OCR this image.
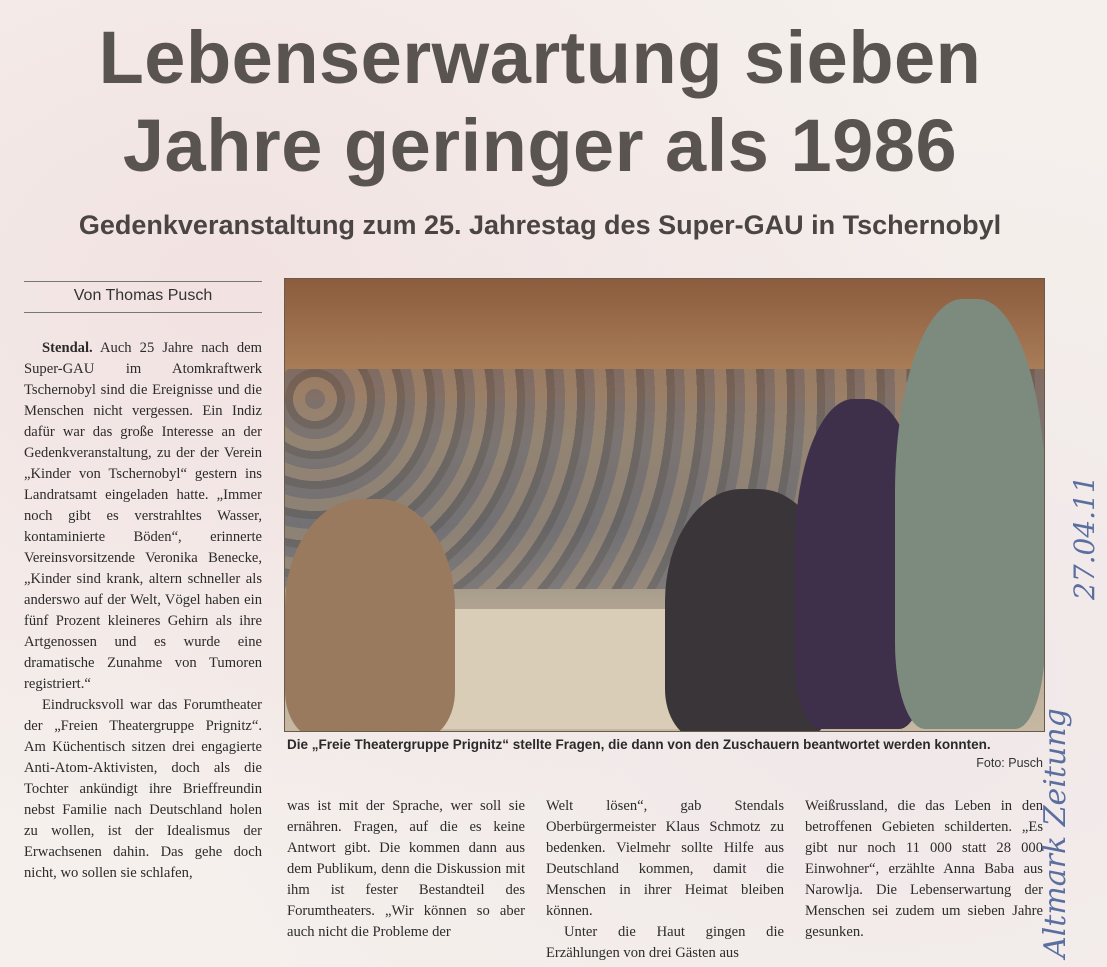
Lebenserwartung sieben
Jahre geringer als 1986
Gedenkveranstaltung zum 25. Jahrestag des Super-GAU in Tschernobyl
Von Thomas Pusch

Stendal. Auch 25 Jahre nach dem Super-GAU im Atomkraftwerk Tschernobyl sind die Ereignisse und die Menschen nicht vergessen. Ein Indiz dafür war das große Interesse an der Gedenkveranstaltung, zu der der Verein „Kinder von Tschernobyl“ gestern ins Landratsamt eingeladen hatte. „Immer noch gibt es verstrahltes Wasser, kontaminierte Böden“, erinnerte Vereinsvorsitzende Veronika Benecke, „Kinder sind krank, altern schneller als anderswo auf der Welt, Vögel haben ein fünf Prozent kleineres Gehirn als ihre Artgenossen und es wurde eine dramatische Zunahme von Tumoren registriert.“

Eindrucksvoll war das Forumtheater der „Freien Theatergruppe Prignitz“. Am Küchentisch sitzen drei engagierte Anti-Atom-Aktivisten, doch als die Tochter ankündigt ihre Brieffreundin nebst Familie nach Deutschland holen zu wollen, ist der Idealismus der Erwachsenen dahin. Das gehe doch nicht, wo sollen sie schlafen,

Die „Freie Theatergruppe Prignitz“ stellte Fragen, die dann von den Zuschauern beantwortet werden konnten.
Foto: Pusch

was ist mit der Sprache, wer soll sie ernähren. Fragen, auf die es keine Antwort gibt. Die kommen dann aus dem Publikum, denn die Diskussion mit ihm ist fester Bestandteil des Forumtheaters. „Wir können so aber auch nicht die Probleme der

Welt lösen“, gab Stendals Oberbürgermeister Klaus Schmotz zu bedenken. Vielmehr sollte Hilfe aus Deutschland kommen, damit die Menschen in ihrer Heimat bleiben können.

Unter die Haut gingen die Erzählungen von drei Gästen aus

Weißrussland, die das Leben in den betroffenen Gebieten schilderten. „Es gibt nur noch 11 000 statt 28 000 Einwohner“, erzählte Anna Baba aus Narowlja. Die Lebenserwartung der Menschen sei zudem um sieben Jahre gesunken.	Altmark Zeitung
27.04.11
